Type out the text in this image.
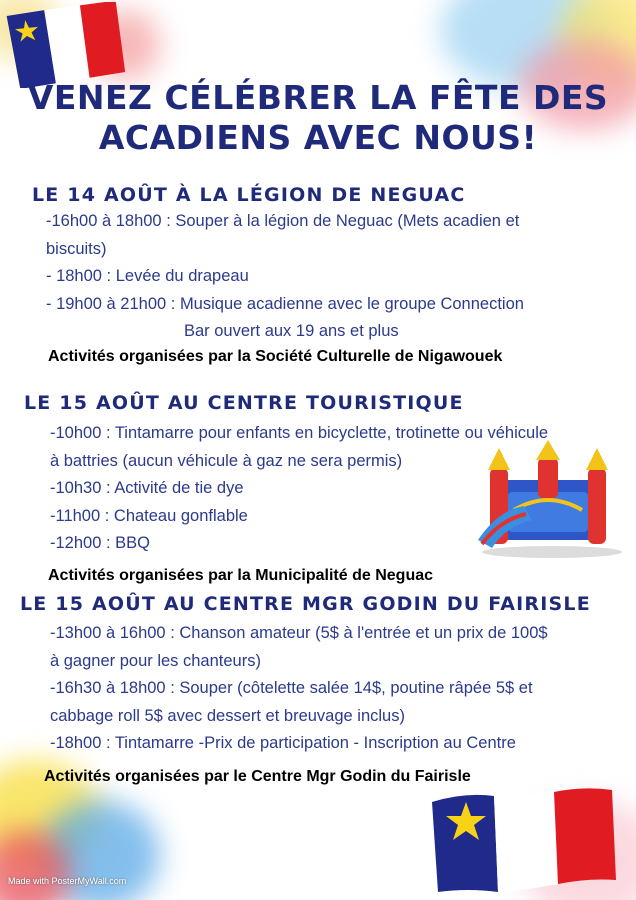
VENEZ CÉLÉBRER LA FÊTE DES
ACADIENS AVEC NOUS!
LE 14 AOÛT À LA LÉGION DE NEGUAC
-16h00 à 18h00 : Souper à la légion de Neguac (Mets acadien et
biscuits)
- 18h00 : Levée du drapeau
- 19h00 à 21h00 : Musique acadienne avec le groupe Connection
Bar ouvert aux 19 ans et plus
Activités organisées par la Société Culturelle de Nigawouek
LE 15 AOÛT AU CENTRE TOURISTIQUE
-10h00 : Tintamarre pour enfants en bicyclette, trotinette ou véhicule
à battries (aucun véhicule à gaz ne sera permis)
-10h30 : Activité de tie dye
-11h00 : Chateau gonflable
-12h00 : BBQ
Activités organisées par la Municipalité de Neguac
LE 15 AOÛT AU CENTRE MGR GODIN DU FAIRISLE
-13h00 à 16h00 : Chanson amateur (5$ à l'entrée et un prix de 100$
à gagner pour les chanteurs)
-16h30 à 18h00 : Souper (côtelette salée 14$, poutine râpée 5$ et
cabbage roll 5$ avec dessert et breuvage inclus)
-18h00 : Tintamarre -Prix de participation - Inscription au Centre
Activités organisées par le Centre Mgr Godin du Fairisle
Made with PosterMyWall.com
